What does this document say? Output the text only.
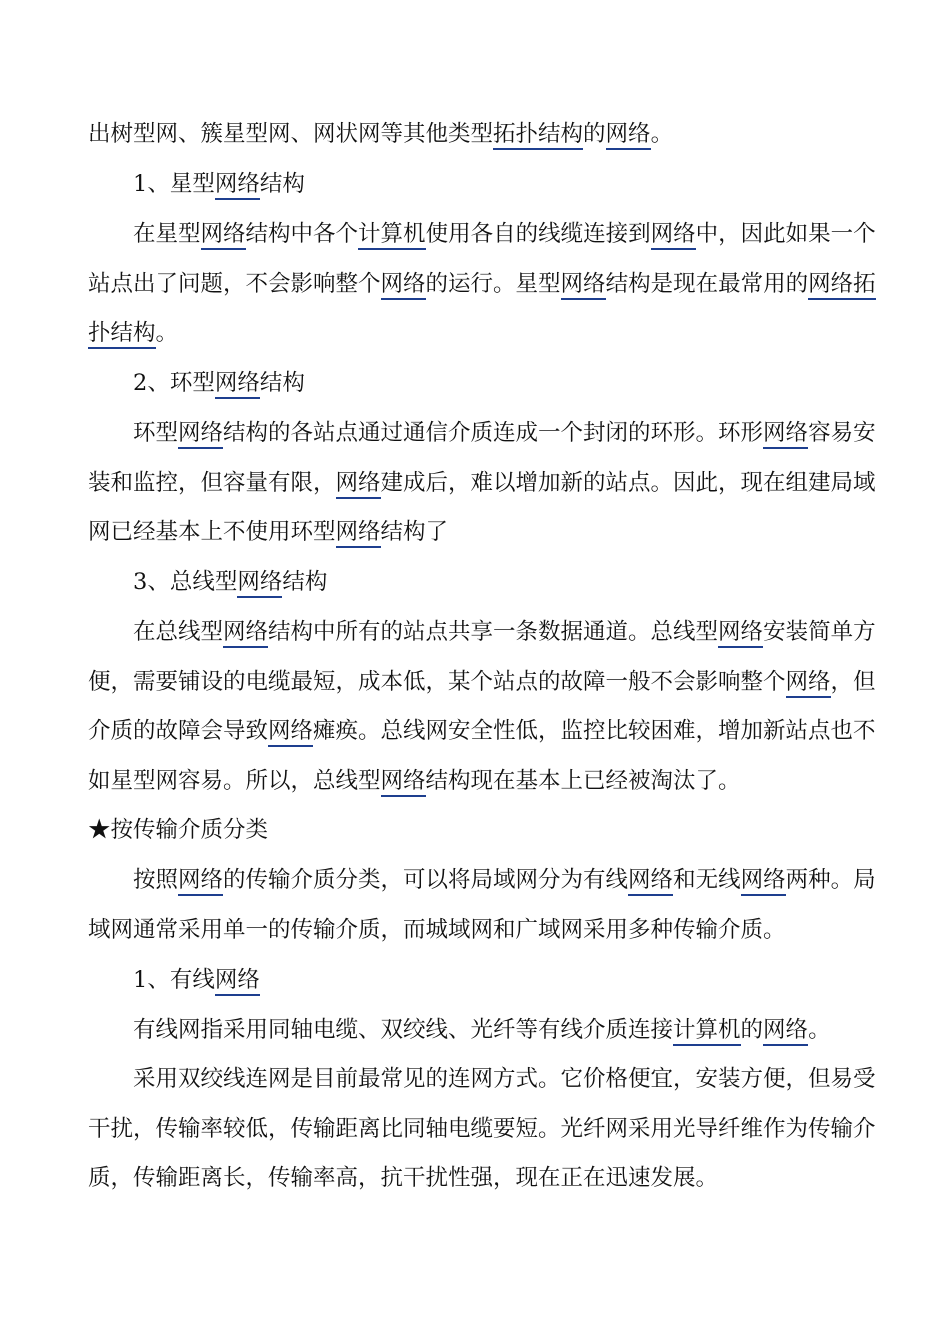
出树型网、簇星型网、网状网等其他类型拓扑结构的网络。
1、星型网络结构
在星型网络结构中各个计算机使用各自的线缆连接到网络中，因此如果一个
站点出了问题，不会影响整个网络的运行。星型网络结构是现在最常用的网络拓
扑结构。
2、环型网络结构
环型网络结构的各站点通过通信介质连成一个封闭的环形。环形网络容易安
装和监控，但容量有限，网络建成后，难以增加新的站点。因此，现在组建局域
网已经基本上不使用环型网络结构了
3、总线型网络结构
在总线型网络结构中所有的站点共享一条数据通道。总线型网络安装简单方
便，需要铺设的电缆最短，成本低，某个站点的故障一般不会影响整个网络，但
介质的故障会导致网络瘫痪。总线网安全性低，监控比较困难，增加新站点也不
如星型网容易。所以，总线型网络结构现在基本上已经被淘汰了。
★按传输介质分类
按照网络的传输介质分类，可以将局域网分为有线网络和无线网络两种。局
域网通常采用单一的传输介质，而城域网和广域网采用多种传输介质。
1、有线网络
有线网指采用同轴电缆、双绞线、光纤等有线介质连接计算机的网络。
采用双绞线连网是目前最常见的连网方式。它价格便宜，安装方便，但易受
干扰，传输率较低，传输距离比同轴电缆要短。光纤网采用光导纤维作为传输介
质，传输距离长，传输率高，抗干扰性强，现在正在迅速发展。
